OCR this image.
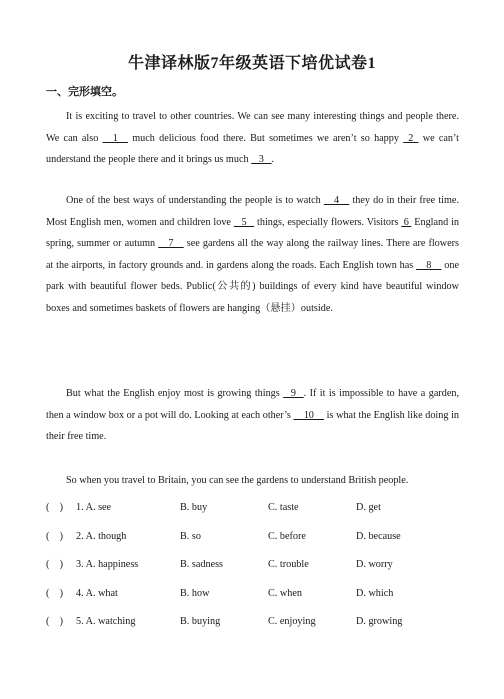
牛津译林版7年级英语下培优试卷1
一、完形填空。

It is exciting to travel to other countries. We can see many interesting things and people there. We can also     1     much delicious food there. But sometimes we aren’t so happy   2   we can’t understand the people there and it brings us much    3   .

One of the best ways of understanding the people is to watch     4     they do in their free time. Most English men, women and children love    5    things, especially flowers. Visitors  6  England in spring, summer or autumn     7     see gardens all the way along the railway lines. There are flowers at the airports, in factory grounds and. in gardens along the roads. Each English town has     8     one park with beautiful flower beds. Public(公共的) buildings of every kind have beautiful window boxes and sometimes baskets of flowers are hanging（悬挂）outside.

But what the English enjoy most is growing things    9   . If it is impossible to have a garden, then a window box or a pot will do. Looking at each other’s     10     is what the English like doing in their free time.

So when you travel to Britain, you can see the gardens to understand British people.

(    ) 1. A. see	B. buy	C. taste	D. get
(    ) 2. A. though	B. so	C. before	D. because
(    ) 3. A. happiness	B. sadness	C. trouble	D. worry
(    ) 4. A. what	B. how	C. when	D. which
(    ) 5. A. watching	B. buying	C. enjoying	D. growing
